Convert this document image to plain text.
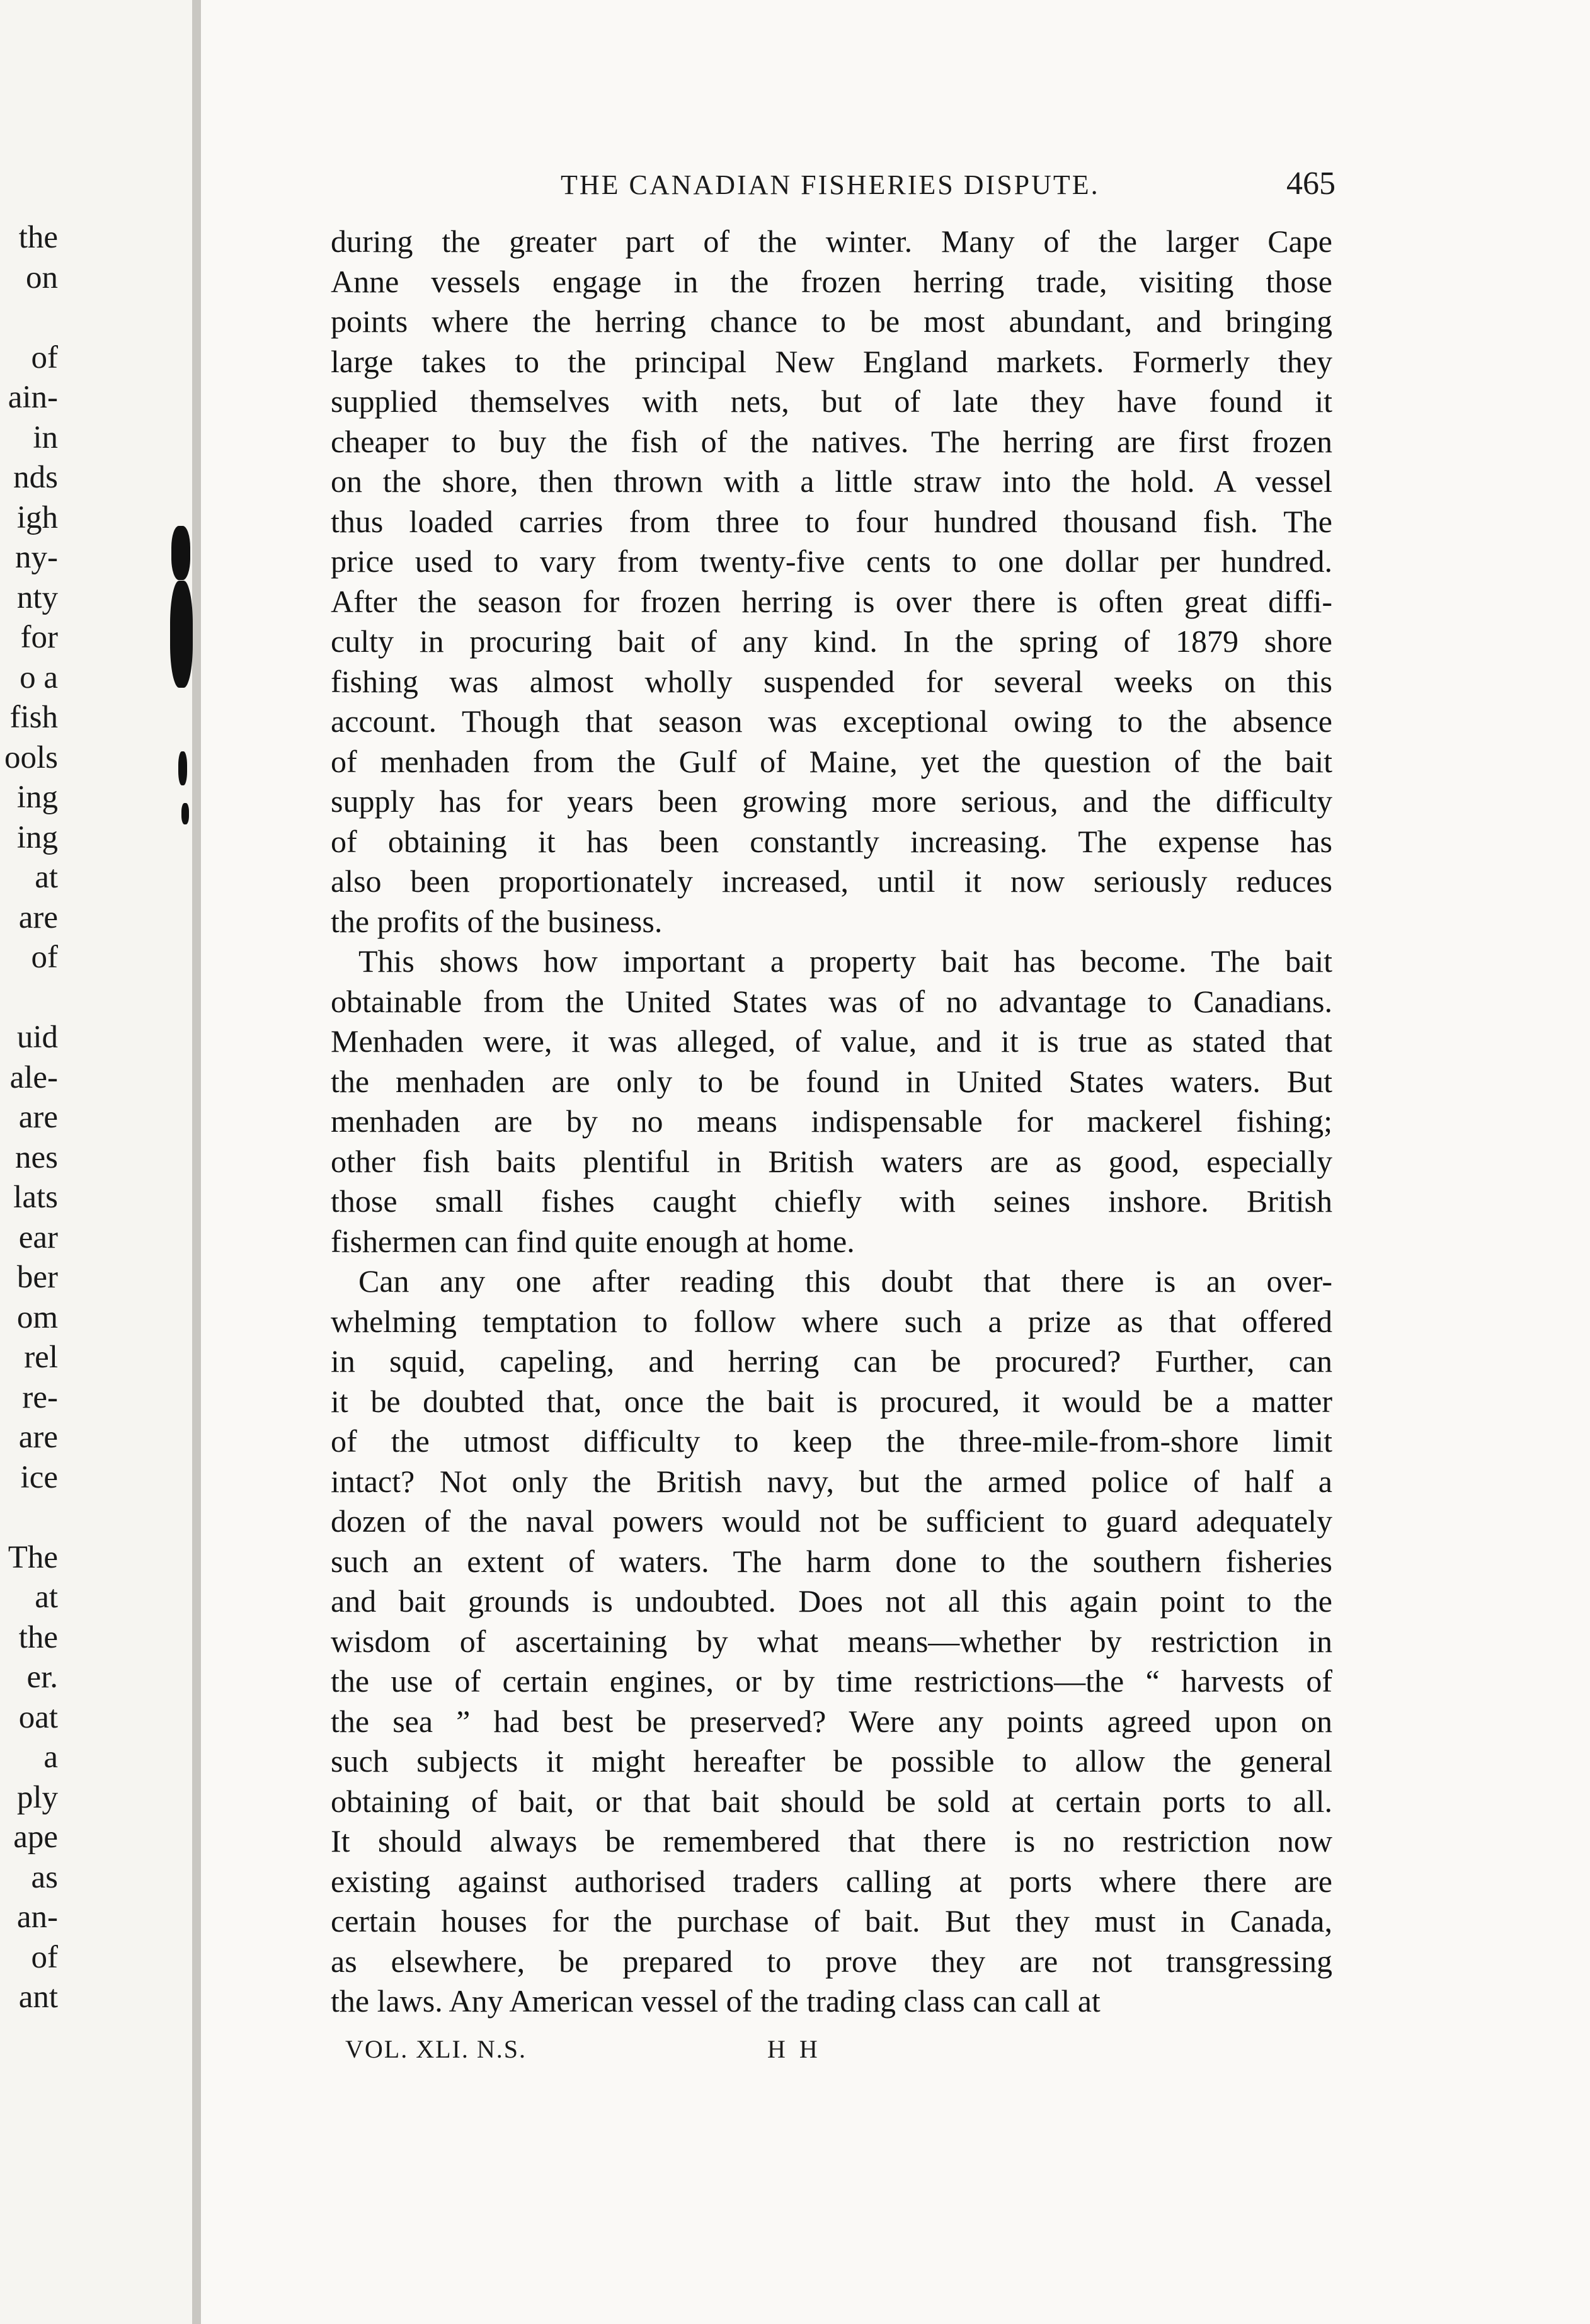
the
on
of
ain-
in
nds
igh
ny-
nty
for
o a
fish
ools
ing
ing
at
are
of
uid
ale-
are
nes
lats
ear
ber
om
rel
re-
are
ice
The
at
the
er.
oat
a
ply
ape
as
an-
of
ant
THE CANADIAN FISHERIES DISPUTE.	465
during the greater part of the winter. Many of the larger Cape
Anne vessels engage in the frozen herring trade, visiting those
points where the herring chance to be most abundant, and bringing
large takes to the principal New England markets. Formerly they
supplied themselves with nets, but of late they have found it
cheaper to buy the fish of the natives. The herring are first frozen
on the shore, then thrown with a little straw into the hold. A vessel
thus loaded carries from three to four hundred thousand fish. The
price used to vary from twenty-five cents to one dollar per hundred.
After the season for frozen herring is over there is often great diffi-
culty in procuring bait of any kind. In the spring of 1879 shore
fishing was almost wholly suspended for several weeks on this
account. Though that season was exceptional owing to the absence
of menhaden from the Gulf of Maine, yet the question of the bait
supply has for years been growing more serious, and the difficulty
of obtaining it has been constantly increasing. The expense has
also been proportionately increased, until it now seriously reduces
the profits of the business.
This shows how important a property bait has become. The bait
obtainable from the United States was of no advantage to Canadians.
Menhaden were, it was alleged, of value, and it is true as stated that
the menhaden are only to be found in United States waters. But
menhaden are by no means indispensable for mackerel fishing;
other fish baits plentiful in British waters are as good, especially
those small fishes caught chiefly with seines inshore. British
fishermen can find quite enough at home.
Can any one after reading this doubt that there is an over-
whelming temptation to follow where such a prize as that offered
in squid, capeling, and herring can be procured? Further, can
it be doubted that, once the bait is procured, it would be a matter
of the utmost difficulty to keep the three-mile-from-shore limit
intact? Not only the British navy, but the armed police of half a
dozen of the naval powers would not be sufficient to guard adequately
such an extent of waters. The harm done to the southern fisheries
and bait grounds is undoubted. Does not all this again point to the
wisdom of ascertaining by what means—whether by restriction in
the use of certain engines, or by time restrictions—the “ harvests of
the sea ” had best be preserved? Were any points agreed upon on
such subjects it might hereafter be possible to allow the general
obtaining of bait, or that bait should be sold at certain ports to all.
It should always be remembered that there is no restriction now
existing against authorised traders calling at ports where there are
certain houses for the purchase of bait. But they must in Canada,
as elsewhere, be prepared to prove they are not transgressing
the laws. Any American vessel of the trading class can call at
VOL. XLI. N.S.	H H
